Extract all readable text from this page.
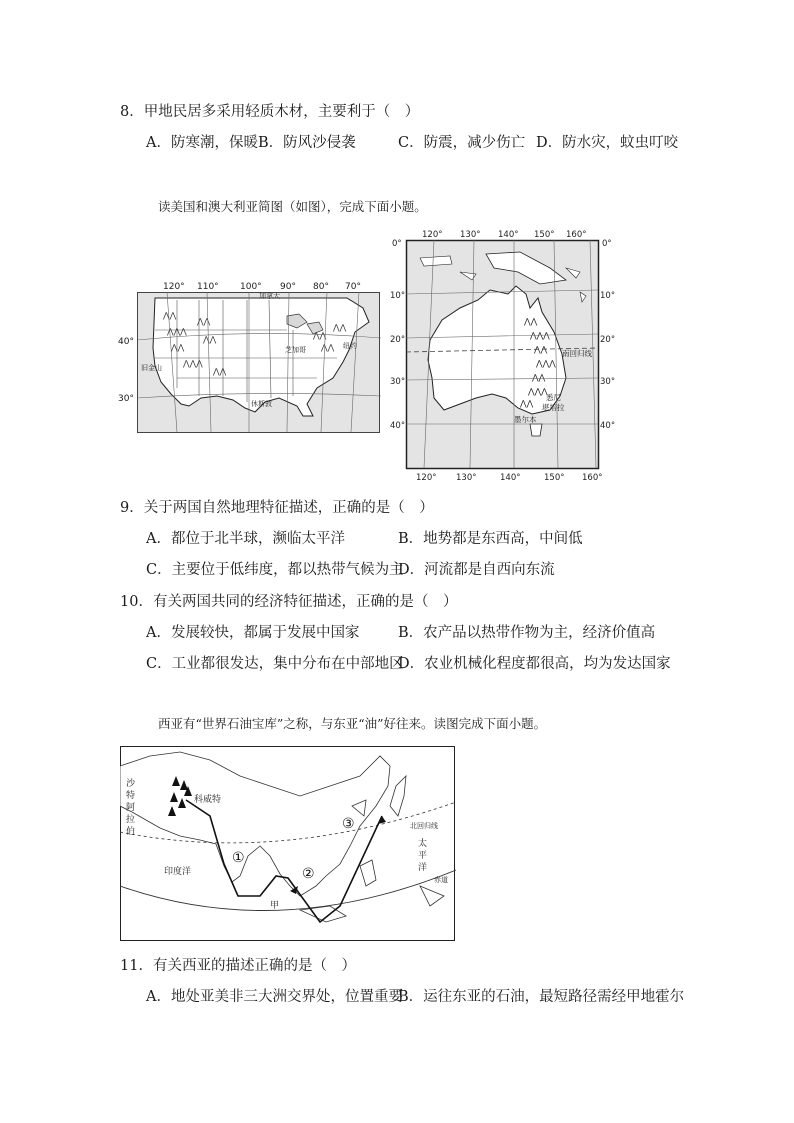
8．甲地民居多采用轻质木材，主要利于（　）
A．防寒潮，保暖 B．防风沙侵袭	C．防震，减少伤亡 D．防水灾，蚊虫叮咬
读美国和澳大利亚简图（如图），完成下面小题。
⋀⋀
⋀⋀⋀
⋀⋀
⋀⋀⋀
⋀⋀
⋀⋀
⋀⋀
⋀⋀
⋀⋀
⋀⋀
120° 110° 100° 90° 80° 70°
加拿大
芝加哥	纽约
休斯敦
旧金山
40°
30°
⋀⋀
⋀⋀⋀
⋀⋀
⋀⋀⋀
⋀⋀
⋀⋀⋀
⋀⋀
120° 130° 140° 150° 160°
120° 130°	140°	150° 160°
0°
10°
20°
30°
40°
0°
10°
20°
30°
40°
南回归线
悉尼
堪培拉
墨尔本
9．关于两国自然地理特征描述，正确的是（　）
A．都位于北半球，濒临太平洋	B．地势都是东西高，中间低
C．主要位于低纬度，都以热带气候为主
D．河流都是自西向东流
10．有关两国共同的经济特征描述，正确的是（　）
A．发展较快，都属于发展中国家	B．农产品以热带作物为主，经济价值高
C．工业都很发达，集中分布在中部地区
D．农业机械化程度都很高，均为发达国家
西亚有“世界石油宝库”之称，与东亚“油”好往来。读图完成下面小题。
①
②
③
沙
特
阿
拉
伯
科威特
印度洋
甲
太
平
洋
北回归线
赤道
11．有关西亚的描述正确的是（　）
A．地处亚美非三大洲交界处，位置重要
B．运往东亚的石油，最短路径需经甲地霍尔
